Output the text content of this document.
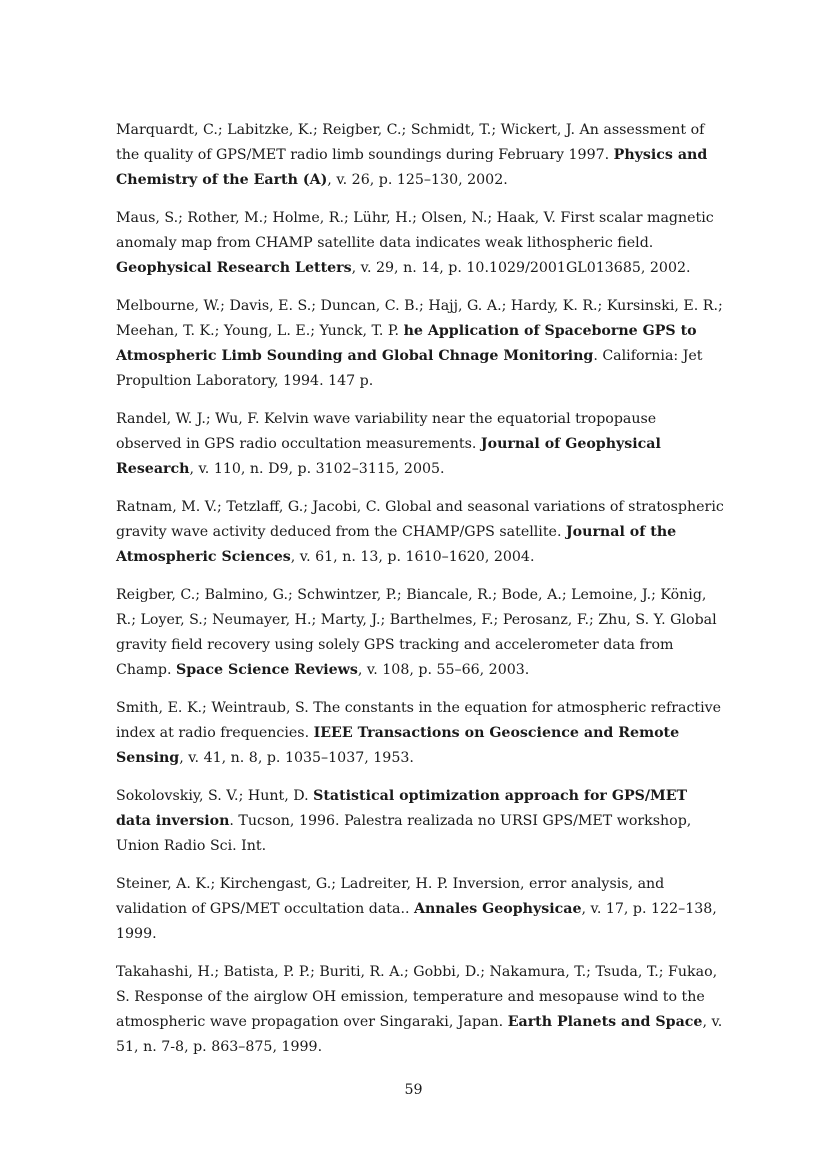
Marquardt, C.; Labitzke, K.; Reigber, C.; Schmidt, T.; Wickert, J. An assessment of the quality of GPS/MET radio limb soundings during February 1997. Physics and Chemistry of the Earth (A), v. 26, p. 125–130, 2002.

Maus, S.; Rother, M.; Holme, R.; Lühr, H.; Olsen, N.; Haak, V. First scalar magnetic anomaly map from CHAMP satellite data indicates weak lithospheric field. Geophysical Research Letters, v. 29, n. 14, p. 10.1029/2001GL013685, 2002.

Melbourne, W.; Davis, E. S.; Duncan, C. B.; Hajj, G. A.; Hardy, K. R.; Kursinski, E. R.; Meehan, T. K.; Young, L. E.; Yunck, T. P. he Application of Spaceborne GPS to Atmospheric Limb Sounding and Global Chnage Monitoring. California: Jet Propultion Laboratory, 1994. 147 p.

Randel, W. J.; Wu, F. Kelvin wave variability near the equatorial tropopause observed in GPS radio occultation measurements. Journal of Geophysical Research, v. 110, n. D9, p. 3102–3115, 2005.

Ratnam, M. V.; Tetzlaff, G.; Jacobi, C. Global and seasonal variations of stratospheric gravity wave activity deduced from the CHAMP/GPS satellite. Journal of the Atmospheric Sciences, v. 61, n. 13, p. 1610–1620, 2004.

Reigber, C.; Balmino, G.; Schwintzer, P.; Biancale, R.; Bode, A.; Lemoine, J.; König, R.; Loyer, S.; Neumayer, H.; Marty, J.; Barthelmes, F.; Perosanz, F.; Zhu, S. Y. Global gravity field recovery using solely GPS tracking and accelerometer data from Champ. Space Science Reviews, v. 108, p. 55–66, 2003.

Smith, E. K.; Weintraub, S. The constants in the equation for atmospheric refractive index at radio frequencies. IEEE Transactions on Geoscience and Remote Sensing, v. 41, n. 8, p. 1035–1037, 1953.

Sokolovskiy, S. V.; Hunt, D. Statistical optimization approach for GPS/MET data inversion. Tucson, 1996. Palestra realizada no URSI GPS/MET workshop, Union Radio Sci. Int.

Steiner, A. K.; Kirchengast, G.; Ladreiter, H. P. Inversion, error analysis, and validation of GPS/MET occultation data.. Annales Geophysicae, v. 17, p. 122–138, 1999.

Takahashi, H.; Batista, P. P.; Buriti, R. A.; Gobbi, D.; Nakamura, T.; Tsuda, T.; Fukao, S. Response of the airglow OH emission, temperature and mesopause wind to the atmospheric wave propagation over Singaraki, Japan. Earth Planets and Space, v. 51, n. 7-8, p. 863–875, 1999.

59
